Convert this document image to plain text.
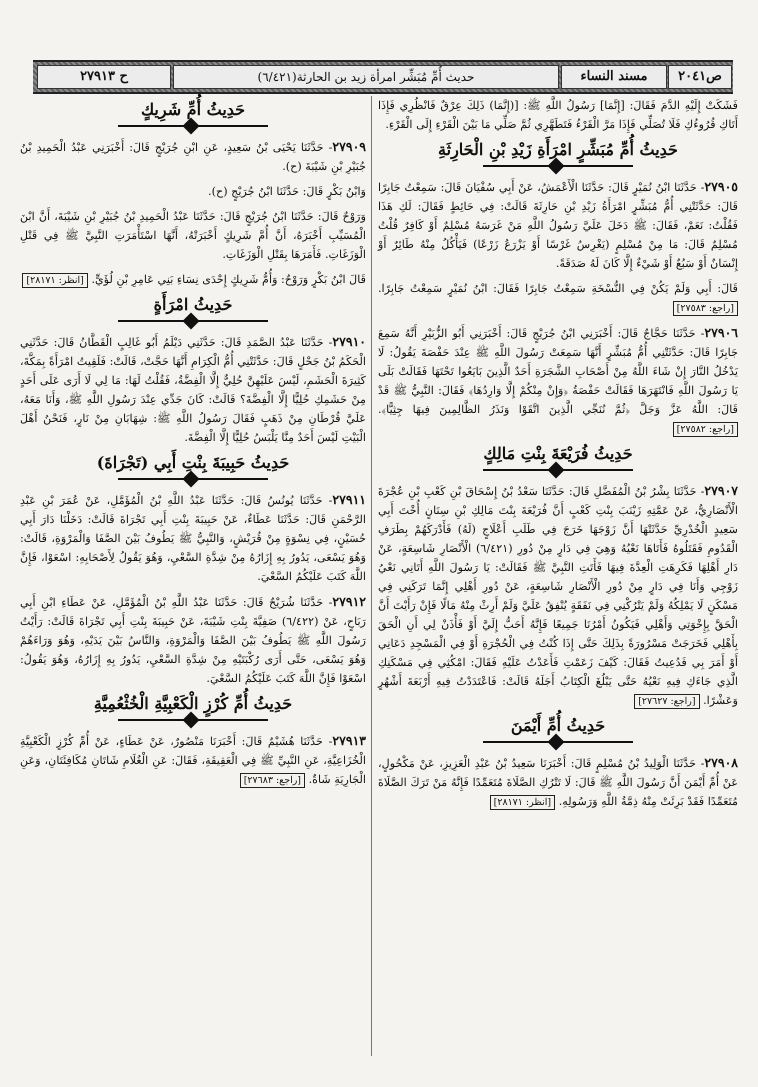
ص٢٠٤١
مسند النساء
حديث أُمِّ مُبَشِّر امرأة زيد بن الحارثة(٦/٤٢١)
ح ٢٧٩١٣

فَشَكَتْ إِلَيْهِ الدَّمَ فَقَالَ: [إِنَّمَا] رَسُولُ اللَّهِ ﷺ: [(إِنَّمَا) ذَلِكَ عِرْقٌ فَانْظُرِي فَإِذَا أَتَاكِ قُرُوءُكِ فَلَا تُصَلِّي فَإِذَا مَرَّ الْقَرْءُ فَتَطَهَّرِي ثُمَّ صَلِّي مَا بَيْنَ الْقَرْءِ إِلَى الْقَرْءِ.

حَدِيثُ أُمِّ مُبَشِّرٍ امْرَأَةِ زَيْدِ بْنِ الْحَارِثَةِ

٢٧٩٠٥- حَدَّثَنَا ابْنُ نُمَيْرٍ قَالَ: حَدَّثَنَا الْأَعْمَشُ، عَنْ أَبِي سُفْيَانَ قَالَ: سَمِعْتُ جَابِرًا قَالَ: حَدَّثَتْنِي أُمُّ مُبَشِّرٍ امْرَأَةُ زَيْدِ بْنِ حَارِثَةَ قَالَتْ: فِي حَائِطٍ فَقَالَ: لَكِ هَذَا فَقُلْتُ: نَعَمْ، فَقَالَ: ﷺ دَخَلَ عَلَيَّ رَسُولُ اللَّهِ مَنْ غَرَسَهُ مُسْلِمٌ أَوْ كَافِرٌ قُلْتُ مُسْلِمٌ قَالَ: مَا مِنْ مُسْلِمٍ (يَغْرِسُ غَرْسًا أَوْ يَزْرَعُ زَرْعًا) فَيَأْكُلُ مِنْهُ طَائِرٌ أَوْ إِنْسَانٌ أَوْ سَبُعٌ أَوْ شَيْءٌ إِلَّا كَانَ لَهُ صَدَقَةً.

قَالَ: أَبِي وَلَمْ يَكُنْ فِي النُّسْخَةِ سَمِعْتُ جَابِرًا فَقَالَ: ابْنُ نُمَيْرٍ سَمِعْتُ جَابِرًا. [راجع: ٢٧٥٨٣]

٢٧٩٠٦- حَدَّثَنَا حَجَّاجٌ قَالَ: أَخْبَرَنِي ابْنُ جُرَيْجٍ قَالَ: أَخْبَرَنِي أَبُو الزُّبَيْرِ أَنَّهُ سَمِعَ جَابِرًا قَالَ: حَدَّثَتْنِي أُمُّ مُبَشِّرٍ أَنَّهَا سَمِعَتْ رَسُولَ اللَّهِ ﷺ عِنْدَ حَفْصَةَ يَقُولُ: لَا يَدْخُلُ النَّارَ إِنْ شَاءَ اللَّهُ مِنْ أَصْحَابِ الشَّجَرَةِ أَحَدٌ الَّذِينَ بَايَعُوا تَحْتَهَا فَقَالَتْ بَلَى يَا رَسُولَ اللَّهِ فَانْتَهَرَهَا فَقَالَتْ حَفْصَةُ ﴿وَإِنْ مِنْكُمْ إِلَّا وَارِدُهَا﴾ فَقَالَ: النَّبِيُّ ﷺ قَدْ قَالَ: اللَّهُ عَزَّ وَجَلَّ ﴿ثُمَّ نُنَجِّي الَّذِينَ اتَّقَوْا وَنَذَرُ الظَّالِمِينَ فِيهَا جِثِيًّا﴾. [راجع: ٢٧٥٨٢]

حَدِيثُ فُرَيْعَةَ بِنْتِ مَالِكٍ

٢٧٩٠٧- حَدَّثَنَا بِشْرُ بْنُ الْمُفَضَّلِ قَالَ: حَدَّثَنَا سَعْدُ بْنُ إِسْحَاقَ بْنِ كَعْبِ بْنِ عُجْرَةَ الْأَنْصَارِيُّ، عَنْ عَمَّتِهِ زَيْنَبَ بِنْتِ كَعْبٍ أَنَّ فُرَيْعَةَ بِنْتَ مَالِكِ بْنِ سِنَانٍ أُخْتَ أَبِي سَعِيدٍ الْخُدْرِيِّ حَدَّثَتْهَا أَنَّ زَوْجَهَا خَرَجَ فِي طَلَبِ أَعْلَاجٍ (لَهُ) فَأَدْرَكَهُمْ بِطَرَفِ الْقَدُومِ فَقَتَلُوهُ فَأَتَاهَا نَعْيُهُ وَهِيَ فِي دَارٍ مِنْ دُورِ (٦/٤٢١) الْأَنْصَارِ شَاسِعَةٍ، عَنْ دَارِ أَهْلِهَا فَكَرِهَتِ الْعِدَّةَ فِيهَا فَأَتَتِ النَّبِيَّ ﷺ فَقَالَتْ: يَا رَسُولَ اللَّهِ أَتَانِي نَعْيُ زَوْجِي وَأَنَا فِي دَارٍ مِنْ دُورِ الْأَنْصَارِ شَاسِعَةٍ، عَنْ دُورِ أَهْلِي إِنَّمَا تَرَكَنِي فِي مَسْكَنٍ لَا يَمْلِكُهُ وَلَمْ يَتْرُكْنِي فِي نَفَقَةٍ يُنْفِقُ عَلَيَّ وَلَمْ أَرِثْ مِنْهُ مَالًا فَإِنْ رَأَيْتَ أَنَّ الْحَقَّ بِإِخْوَتِي وَأَهْلِي فَيَكُونُ أَمْرُنَا جَمِيعًا فَإِنَّهُ أَحَبُّ إِلَيَّ أَوْ فَأْذَنْ لِي أَنِ الْحَقَ بِأَهْلِي فَخَرَجَتْ مَسْرُورَةً بِذَلِكَ حَتَّى إِذَا كُنْتُ فِي الْحُجْرَةِ أَوْ فِي الْمَسْجِدِ دَعَانِي أَوْ أَمَرَ بِي فَدُعِيتُ فَقَالَ: كَيْفَ زَعَمْتِ فَأَعَدْتُ عَلَيْهِ فَقَالَ: امْكُثِي فِي مَسْكَنِكِ الَّذِي جَاءَكِ فِيهِ نَعْيُهُ حَتَّى يَبْلُغَ الْكِتَابُ أَجَلَهُ قَالَتْ: فَاعْتَدَدْتُ فِيهِ أَرْبَعَةَ أَشْهُرٍ وَعَشْرًا. [راجع: ٢٧٦٢٧]

حَدِيثُ أُمِّ أَيْمَنَ

٢٧٩٠٨- حَدَّثَنَا الْوَلِيدُ بْنُ مُسْلِمٍ قَالَ: أَخْبَرَنَا سَعِيدُ بْنُ عَبْدِ الْعَزِيزِ، عَنْ مَكْحُولٍ، عَنْ أُمِّ أَيْمَنَ أَنَّ رَسُولَ اللَّهِ ﷺ قَالَ: لَا تَتْرُكِ الصَّلَاةَ مُتَعَمِّدًا فَإِنَّهُ مَنْ تَرَكَ الصَّلَاةَ مُتَعَمِّدًا فَقَدْ بَرِئَتْ مِنْهُ ذِمَّةُ اللَّهِ وَرَسُولِهِ. [انظر: ٢٨١٧١]

حَدِيثُ أُمِّ شَرِيكٍ

٢٧٩٠٩- حَدَّثَنَا يَحْيَى بْنُ سَعِيدٍ، عَنِ ابْنِ جُرَيْجٍ قَالَ: أَخْبَرَنِي عَبْدُ الْحَمِيدِ بْنُ جُبَيْرِ بْنِ شَيْبَةَ (ح).

وَابْنُ بَكْرٍ قَالَ: حَدَّثَنَا ابْنُ جُرَيْجٍ (ح).

وَرَوْحٌ قَالَ: حَدَّثَنَا ابْنُ جُرَيْجٍ قَالَ: حَدَّثَنَا عَبْدُ الْحَمِيدِ بْنُ جُبَيْرِ بْنِ شَيْبَةَ، أَنَّ ابْنَ الْمُسَيِّبِ أَخْبَرَهُ، أَنَّ أُمَّ شَرِيكٍ أَخْبَرَتْهُ، أَنَّهَا اسْتَأْمَرَتِ النَّبِيَّ ﷺ فِي قَتْلِ الْوَزَغَاتِ. فَأَمَرَهَا بِقَتْلِ الْوَزَغَاتِ.

قَالَ ابْنُ بَكْرٍ وَرَوْحٌ: وَأُمُّ شَرِيكٍ إِحْدَى نِسَاءِ بَنِي عَامِرِ بْنِ لُؤَيٍّ. [انظر: ٢٨١٧١]

حَدِيثُ امْرَأَةٍ

٢٧٩١٠- حَدَّثَنَا عَبْدُ الصَّمَدِ قَالَ: حَدَّثَنِي دَيْلَمُ أَبُو غَالِبٍ الْقَطَّانُ قَالَ: حَدَّثَنِي الْحَكَمُ بْنُ جَحْلٍ قَالَ: حَدَّثَتْنِي أُمُّ الْكِرَامِ أَنَّهَا حَجَّتْ، قَالَتْ: فَلَقِيتُ امْرَأَةً بِمَكَّةَ، كَثِيرَةَ الْحَشَمِ، لَيْسَ عَلَيْهِنَّ حُلِيٌّ إِلَّا الْفِضَّةُ، فَقُلْتُ لَهَا: مَا لِي لَا أَرَى عَلَى أَحَدٍ مِنْ حَشَمِكِ حُلِيًّا إِلَّا الْفِضَّةَ؟ قَالَتْ: كَانَ جَدِّي عِنْدَ رَسُولِ اللَّهِ ﷺ، وَأَنَا مَعَهُ، عَلَيَّ قُرْطَانِ مِنْ ذَهَبٍ فَقَالَ رَسُولُ اللَّهِ ﷺ: شِهَابَانِ مِنْ نَارٍ، فَنَحْنُ أَهْلَ الْبَيْتِ لَيْسَ أَحَدٌ مِنَّا يَلْبَسُ حُلِيًّا إِلَّا الْفِضَّةَ.

حَدِيثُ حَبِيبَةَ بِنْتِ أَبِي (تَجْرَاةَ)

٢٧٩١١- حَدَّثَنَا يُونُسُ قَالَ: حَدَّثَنَا عَبْدُ اللَّهِ بْنُ الْمُؤَمَّلِ، عَنْ عُمَرَ بْنِ عَبْدِ الرَّحْمَنِ قَالَ: حَدَّثَنَا عَطَاءٌ، عَنْ حَبِيبَةَ بِنْتِ أَبِي تَجْرَاةَ قَالَتْ: دَخَلْنَا دَارَ أَبِي حُسَيْنٍ، فِي نِسْوَةٍ مِنْ قُرَيْشٍ، وَالنَّبِيُّ ﷺ يَطُوفُ بَيْنَ الصَّفَا وَالْمَرْوَةِ، قَالَتْ: وَهُوَ يَسْعَى، يَدُورُ بِهِ إِزَارُهُ مِنْ شِدَّةِ السَّعْيِ، وَهُوَ يَقُولُ لِأَصْحَابِهِ: اسْعَوْا، فَإِنَّ اللَّهَ كَتَبَ عَلَيْكُمُ السَّعْيَ.

٢٧٩١٢- حَدَّثَنَا شُرَيْحٌ قَالَ: حَدَّثَنَا عَبْدُ اللَّهِ بْنُ الْمُؤَمَّلِ، عَنْ عَطَاءِ ابْنِ أَبِي رَبَاحٍ، عَنْ (٦/٤٢٢) صَفِيَّةَ بِنْتِ شَيْبَةَ، عَنْ حَبِيبَةَ بِنْتِ أَبِي تَجْرَاةَ قَالَتْ: رَأَيْتُ رَسُولَ اللَّهِ ﷺ يَطُوفُ بَيْنَ الصَّفَا وَالْمَرْوَةِ، وَالنَّاسُ بَيْنَ يَدَيْهِ، وَهُوَ وَرَاءَهُمْ وَهُوَ يَسْعَى، حَتَّى أَرَى رُكْبَتَيْهِ مِنْ شِدَّةِ السَّعْيِ، يَدُورُ بِهِ إِزَارُهُ، وَهُوَ يَقُولُ: اسْعَوْا فَإِنَّ اللَّهَ كَتَبَ عَلَيْكُمُ السَّعْيَ.

حَدِيثُ أُمِّ كُرْزٍ الْكَعْبِيَّةِ الْخُثْعُمِيَّةِ

٢٧٩١٣- حَدَّثَنَا هُشَيْمٌ قَالَ: أَخْبَرَنَا مَنْصُورٌ، عَنْ عَطَاءٍ، عَنْ أُمِّ كُرْزٍ الْكَعْبِيَّةِ الْخُزَاعِيَّةِ، عَنِ النَّبِيِّ ﷺ فِي الْعَقِيقَةِ، فَقَالَ: عَنِ الْغُلَامِ شَاتَانِ مُكَافِئَتَانِ، وَعَنِ الْجَارِيَةِ شَاةٌ. [راجع: ٢٧٦٨٣]
